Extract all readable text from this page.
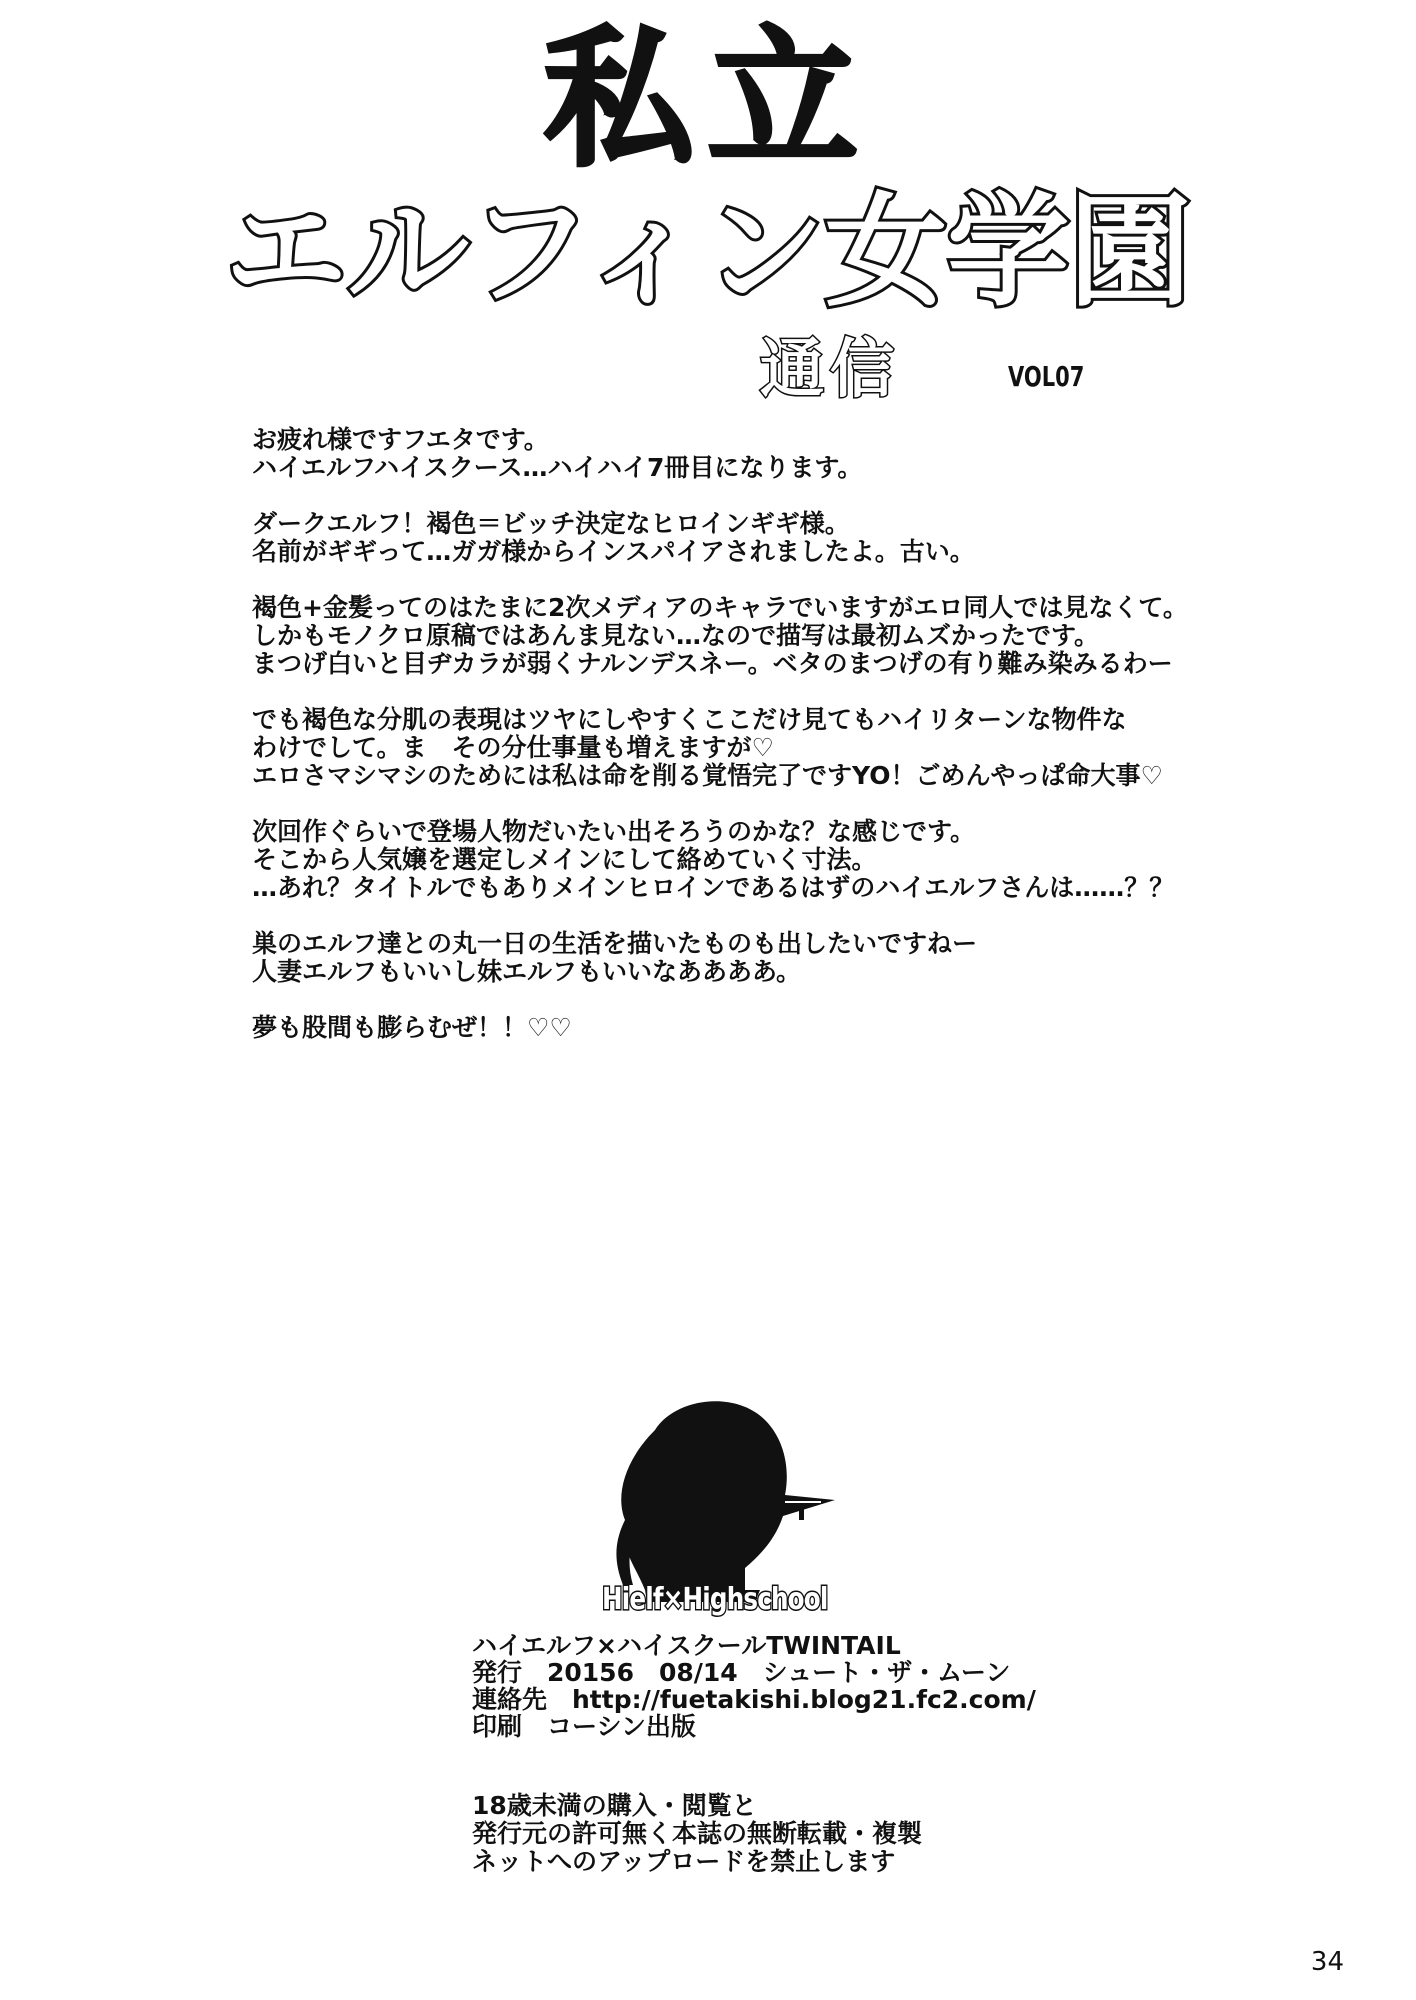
私立
エルフィン女学園
通信	VOL07
お疲れ様ですフエタです。
ハイエルフハイスクース…ハイハイ7冊目になります。
ダークエルフ！褐色＝ビッチ決定なヒロインギギ様。
名前がギギって…ガガ様からインスパイアされましたよ。古い。
褐色+金髪ってのはたまに2次メディアのキャラでいますがエロ同人では見なくて。
しかもモノクロ原稿ではあんま見ない…なので描写は最初ムズかったです。
まつげ白いと目ヂカラが弱くナルンデスネー。ベタのまつげの有り難み染みるわー
でも褐色な分肌の表現はツヤにしやすくここだけ見てもハイリターンな物件な
わけでして。ま　その分仕事量も増えますが♡
エロさマシマシのためには私は命を削る覚悟完了ですYO！ごめんやっぱ命大事♡
次回作ぐらいで登場人物だいたい出そろうのかな？な感じです。
そこから人気嬢を選定しメインにして絡めていく寸法。
…あれ？タイトルでもありメインヒロインであるはずのハイエルフさんは……？？
巣のエルフ達との丸一日の生活を描いたものも出したいですねー
人妻エルフもいいし妹エルフもいいなああああ。
夢も股間も膨らむぜ！！♡♡
Hielf×Highschool
ハイエルフ×ハイスクールTWINTAIL
発行　20156　08/14　シュート・ザ・ムーン
連絡先　http://fuetakishi.blog21.fc2.com/
印刷　コーシン出版
18歳未満の購入・閲覧と
発行元の許可無く本誌の無断転載・複製
ネットへのアップロードを禁止します
34
